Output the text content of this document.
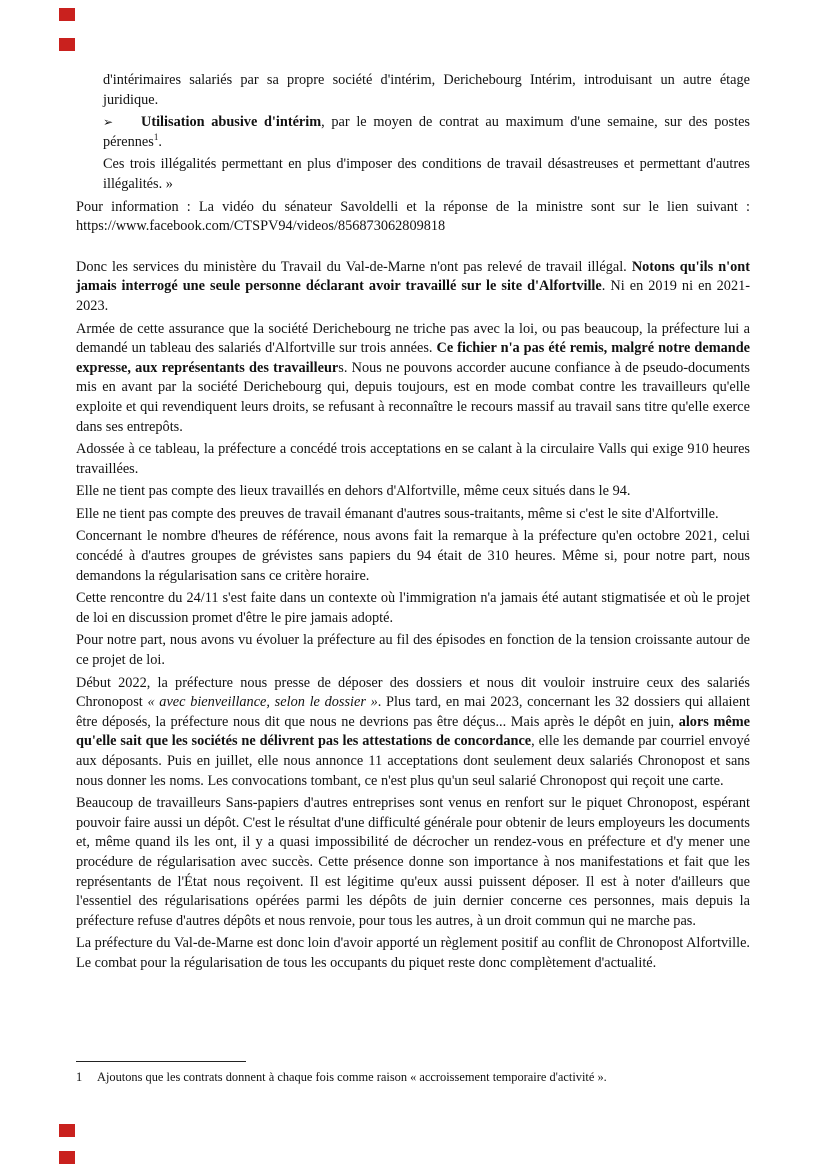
d'intérimaires salariés par sa propre société d'intérim, Derichebourg Intérim, introduisant un autre étage juridique.

➢ Utilisation abusive d'intérim, par le moyen de contrat au maximum d'une semaine, sur des postes pérennes$^1$.

Ces trois illégalités permettant en plus d'imposer des conditions de travail désastreuses et permettant d'autres illégalités. »

Pour information : La vidéo du sénateur Savoldelli et la réponse de la ministre sont sur le lien suivant : https://www.facebook.com/CTSPV94/videos/856873062809818

Donc les services du ministère du Travail du Val-de-Marne n'ont pas relevé de travail illégal. Notons qu'ils n'ont jamais interrogé une seule personne déclarant avoir travaillé sur le site d'Alfortville. Ni en 2019 ni en 2021-2023.

Armée de cette assurance que la société Derichebourg ne triche pas avec la loi, ou pas beaucoup, la préfecture lui a demandé un tableau des salariés d'Alfortville sur trois années. Ce fichier n'a pas été remis, malgré notre demande expresse, aux représentants des travailleurs. Nous ne pouvons accorder aucune confiance à de pseudo-documents mis en avant par la société Derichebourg qui, depuis toujours, est en mode combat contre les travailleurs qu'elle exploite et qui revendiquent leurs droits, se refusant à reconnaître le recours massif au travail sans titre qu'elle exerce dans ses entrepôts.

Adossée à ce tableau, la préfecture a concédé trois acceptations en se calant à la circulaire Valls qui exige 910 heures travaillées.

Elle ne tient pas compte des lieux travaillés en dehors d'Alfortville, même ceux situés dans le 94.

Elle ne tient pas compte des preuves de travail émanant d'autres sous-traitants, même si c'est le site d'Alfortville.

Concernant le nombre d'heures de référence, nous avons fait la remarque à la préfecture qu'en octobre 2021, celui concédé à d'autres groupes de grévistes sans papiers du 94 était de 310 heures. Même si, pour notre part, nous demandons la régularisation sans ce critère horaire.

Cette rencontre du 24/11 s'est faite dans un contexte où l'immigration n'a jamais été autant stigmatisée et où le projet de loi en discussion promet d'être le pire jamais adopté.

Pour notre part, nous avons vu évoluer la préfecture au fil des épisodes en fonction de la tension croissante autour de ce projet de loi.

Début 2022, la préfecture nous presse de déposer des dossiers et nous dit vouloir instruire ceux des salariés Chronopost « avec bienveillance, selon le dossier ». Plus tard, en mai 2023, concernant les 32 dossiers qui allaient être déposés, la préfecture nous dit que nous ne devrions pas être déçus... Mais après le dépôt en juin, alors même qu'elle sait que les sociétés ne délivrent pas les attestations de concordance, elle les demande par courriel envoyé aux déposants. Puis en juillet, elle nous annonce 11 acceptations dont seulement deux salariés Chronopost et sans nous donner les noms. Les convocations tombant, ce n'est plus qu'un seul salarié Chronopost qui reçoit une carte.

Beaucoup de travailleurs Sans-papiers d'autres entreprises sont venus en renfort sur le piquet Chronopost, espérant pouvoir faire aussi un dépôt. C'est le résultat d'une difficulté générale pour obtenir de leurs employeurs les documents et, même quand ils les ont, il y a quasi impossibilité de décrocher un rendez-vous en préfecture et d'y mener une procédure de régularisation avec succès. Cette présence donne son importance à nos manifestations et fait que les représentants de l'État nous reçoivent. Il est légitime qu'eux aussi puissent déposer. Il est à noter d'ailleurs que l'essentiel des régularisations opérées parmi les dépôts de juin dernier concerne ces personnes, mais depuis la préfecture refuse d'autres dépôts et nous renvoie, pour tous les autres, à un droit commun qui ne marche pas.

La préfecture du Val-de-Marne est donc loin d'avoir apporté un règlement positif au conflit de Chronopost Alfortville. Le combat pour la régularisation de tous les occupants du piquet reste donc complètement d'actualité.

1	Ajoutons que les contrats donnent à chaque fois comme raison « accroissement temporaire d'activité ».
